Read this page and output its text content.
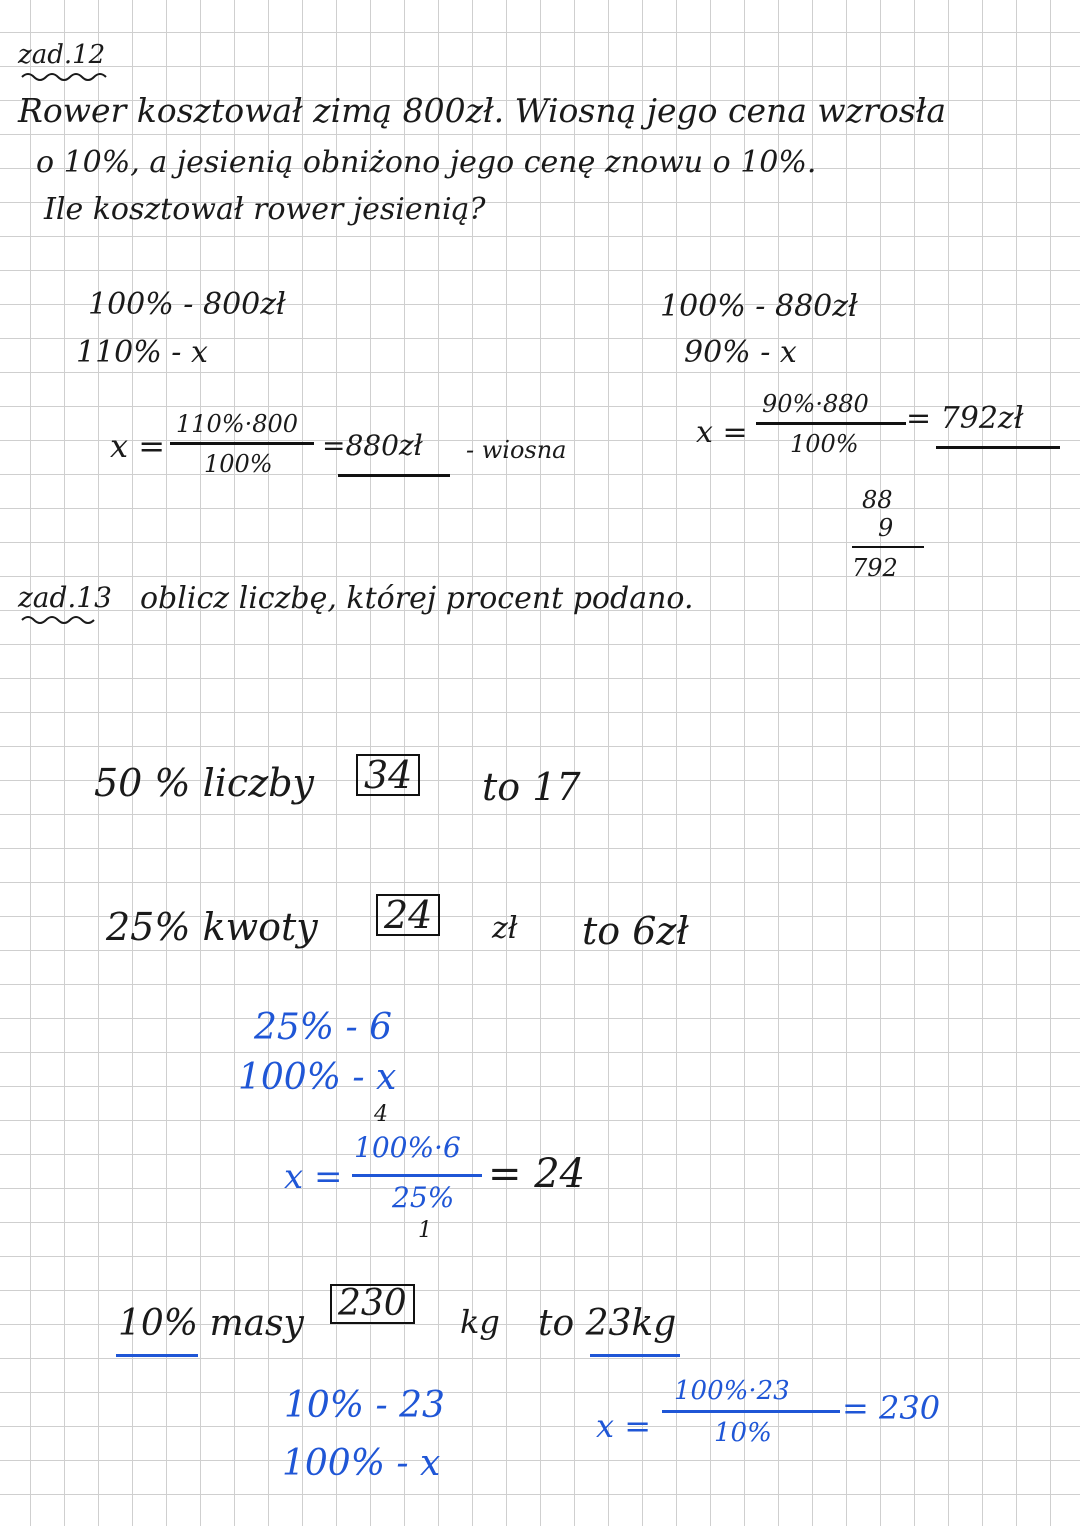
zad.12
Rower kosztował zimą 800zł. Wiosną jego cena wzrosła
o 10%, a jesienią obniżono jego cenę znowu o 10%.
Ile kosztował rower jesienią?
100% - 800zł
110% - x
x =
110%·800
100%
=880zł - wiosna
100% - 880zł
90% - x
x =
90%·880
100%
= 792zł
88
9
792
zad.13 oblicz liczbę, której procent podano.
50 % liczby 34 to 17
25% kwoty 24 zł to 6zł
25% - 6
100% - x
x =
4
100%·6
25%
1
= 24
10% masy 230 kg to 23kg
10% - 23
100% - x
x =
100%·23
10%
= 230
